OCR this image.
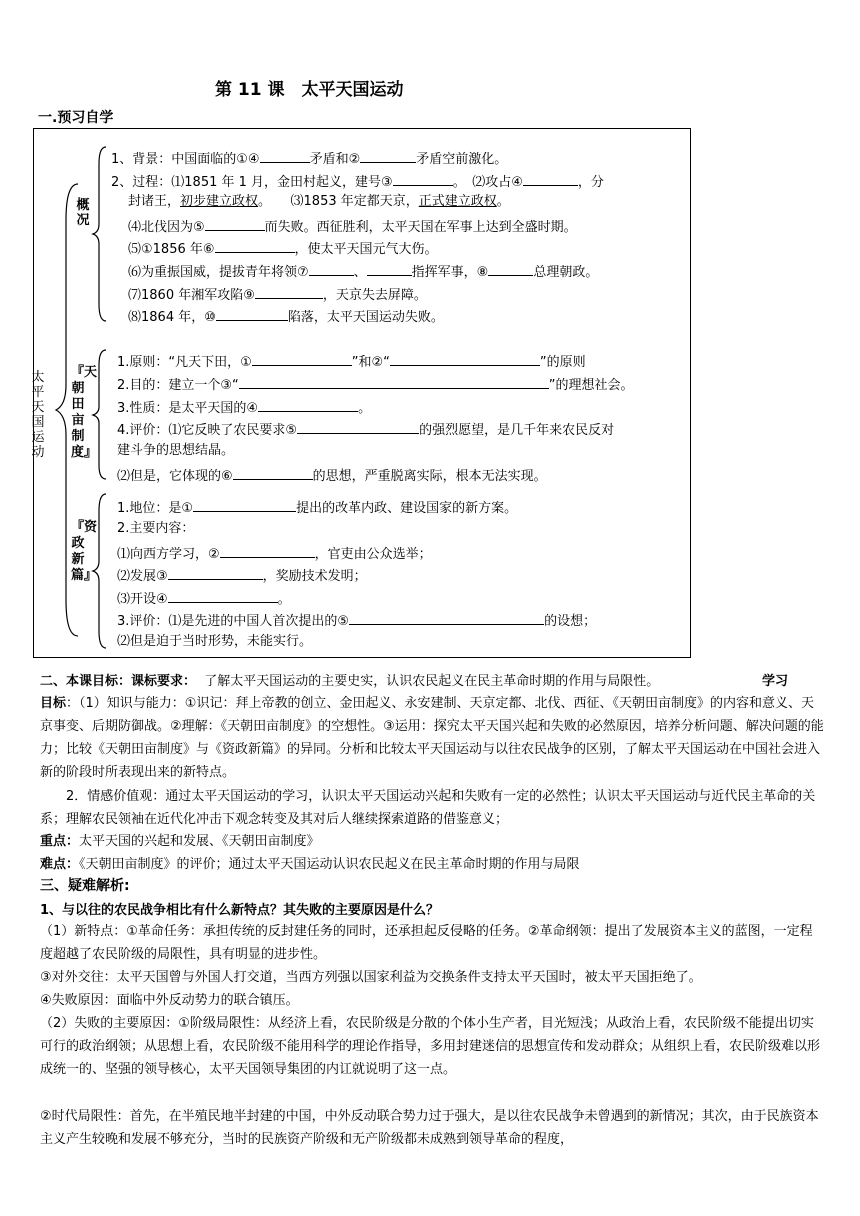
第 11 课　太平天国运动
一.预习自学
太平天国运动
概况
『天朝田亩制度』
『资政新篇』
1、背景：中国面临的①④	矛盾和②	矛盾空前激化。
2、过程：⑴1851 年 1 月，金田村起义，建号③	。　⑵攻占④	，分
封诸王，初步建立政权。　　⑶1853 年定都天京，正式建立政权。
⑷北伐因为⑤	而失败。西征胜利，太平天国在军事上达到全盛时期。
⑸①1856 年⑥	，使太平天国元气大伤。
⑹为重振国威，提拔青年将领⑦	、	指挥军事，⑧	总理朝政。
⑺1860 年湘军攻陷⑨	，天京失去屏障。
⑻1864 年，⑩	陷落，太平天国运动失败。
1.原则：“凡天下田，①	”和②“	”的原则
2.目的：建立一个③“	”的理想社会。
3.性质：是太平天国的④	。
4.评价：⑴它反映了农民要求⑤	的强烈愿望，是几千年来农民反对
建斗争的思想结晶。
⑵但是，它体现的⑥	的思想，严重脱离实际，根本无法实现。
1.地位：是①	提出的改革内政、建设国家的新方案。
2.主要内容：
⑴向西方学习，②	，官吏由公众选举；
⑵发展③	，奖励技术发明；
⑶开设④	。
3.评价：⑴是先进的中国人首次提出的⑤	的设想；
⑵但是迫于当时形势，未能实行。
二、本课目标：课标要求： 了解太平天国运动的主要史实，认识农民起义在民主革命时期的作用与局限性。	学习
目标：（1）知识与能力：①识记：拜上帝教的创立、金田起义、永安建制、天京定都、北伐、西征、《天朝田亩制度》的内容和意义、天京事变、后期防御战。②理解：《天朝田亩制度》的空想性。③运用：探究太平天国兴起和失败的必然原因，培养分析问题、解决问题的能力；比较《天朝田亩制度》与《资政新篇》的异同。分析和比较太平天国运动与以往农民战争的区别，了解太平天国运动在中国社会进入新的阶段时所表现出来的新特点。
2．情感价值观：通过太平天国运动的学习，认识太平天国运动兴起和失败有一定的必然性；认识太平天国运动与近代民主革命的关系；理解农民领袖在近代化冲击下观念转变及其对后人继续探索道路的借鉴意义；
重点：太平天国的兴起和发展、《天朝田亩制度》
难点：《天朝田亩制度》的评价；通过太平天国运动认识农民起义在民主革命时期的作用与局限
三、疑难解析:
1、与以往的农民战争相比有什么新特点？其失败的主要原因是什么？
（1）新特点：①革命任务：承担传统的反封建任务的同时，还承担起反侵略的任务。②革命纲领：提出了发展资本主义的蓝图，一定程度超越了农民阶级的局限性，具有明显的进步性。
③对外交往：太平天国曾与外国人打交道，当西方列强以国家利益为交换条件支持太平天国时，被太平天国拒绝了。
④失败原因：面临中外反动势力的联合镇压。
（2）失败的主要原因：①阶级局限性：从经济上看，农民阶级是分散的个体小生产者，目光短浅；从政治上看，农民阶级不能提出切实可行的政治纲领；从思想上看，农民阶级不能用科学的理论作指导，多用封建迷信的思想宣传和发动群众；从组织上看，农民阶级难以形成统一的、坚强的领导核心，太平天国领导集团的内讧就说明了这一点。
②时代局限性：首先，在半殖民地半封建的中国，中外反动联合势力过于强大，是以往农民战争未曾遇到的新情况；其次，由于民族资本主义产生较晚和发展不够充分，当时的民族资产阶级和无产阶级都未成熟到领导革命的程度，
